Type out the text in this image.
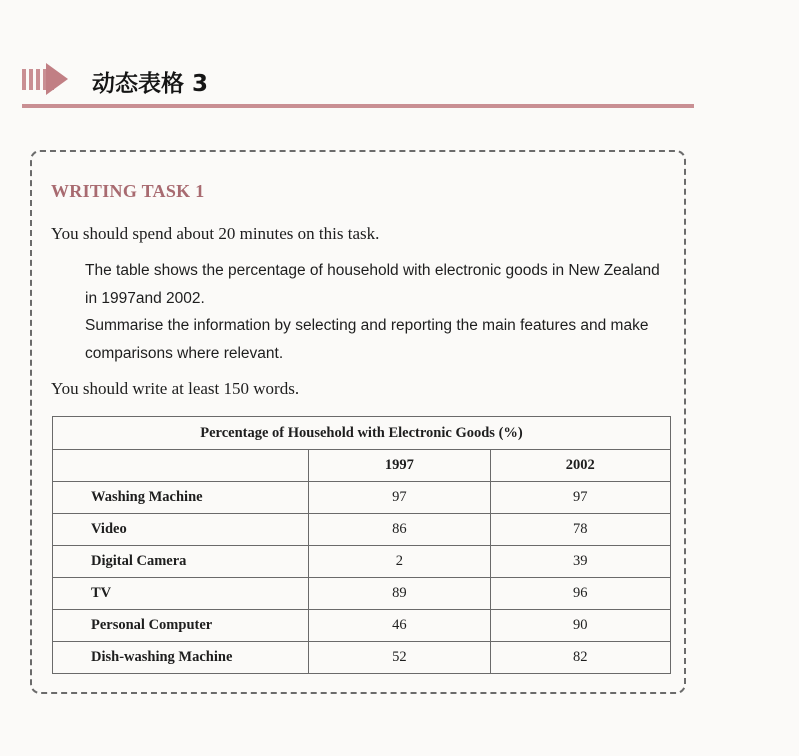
动态表格 3
WRITING TASK 1
You should spend about 20 minutes on this task.
The table shows the percentage of household with electronic goods in New Zealand in 1997and 2002.
Summarise the information by selecting and reporting the main features and make comparisons where relevant.
You should write at least 150 words.
Percentage of Household with Electronic Goods (%)		
	1997	2002
Washing Machine	97	97
Video	86	78
Digital Camera	2	39
TV	89	96
Personal Computer	46	90
Dish-washing Machine	52	82
